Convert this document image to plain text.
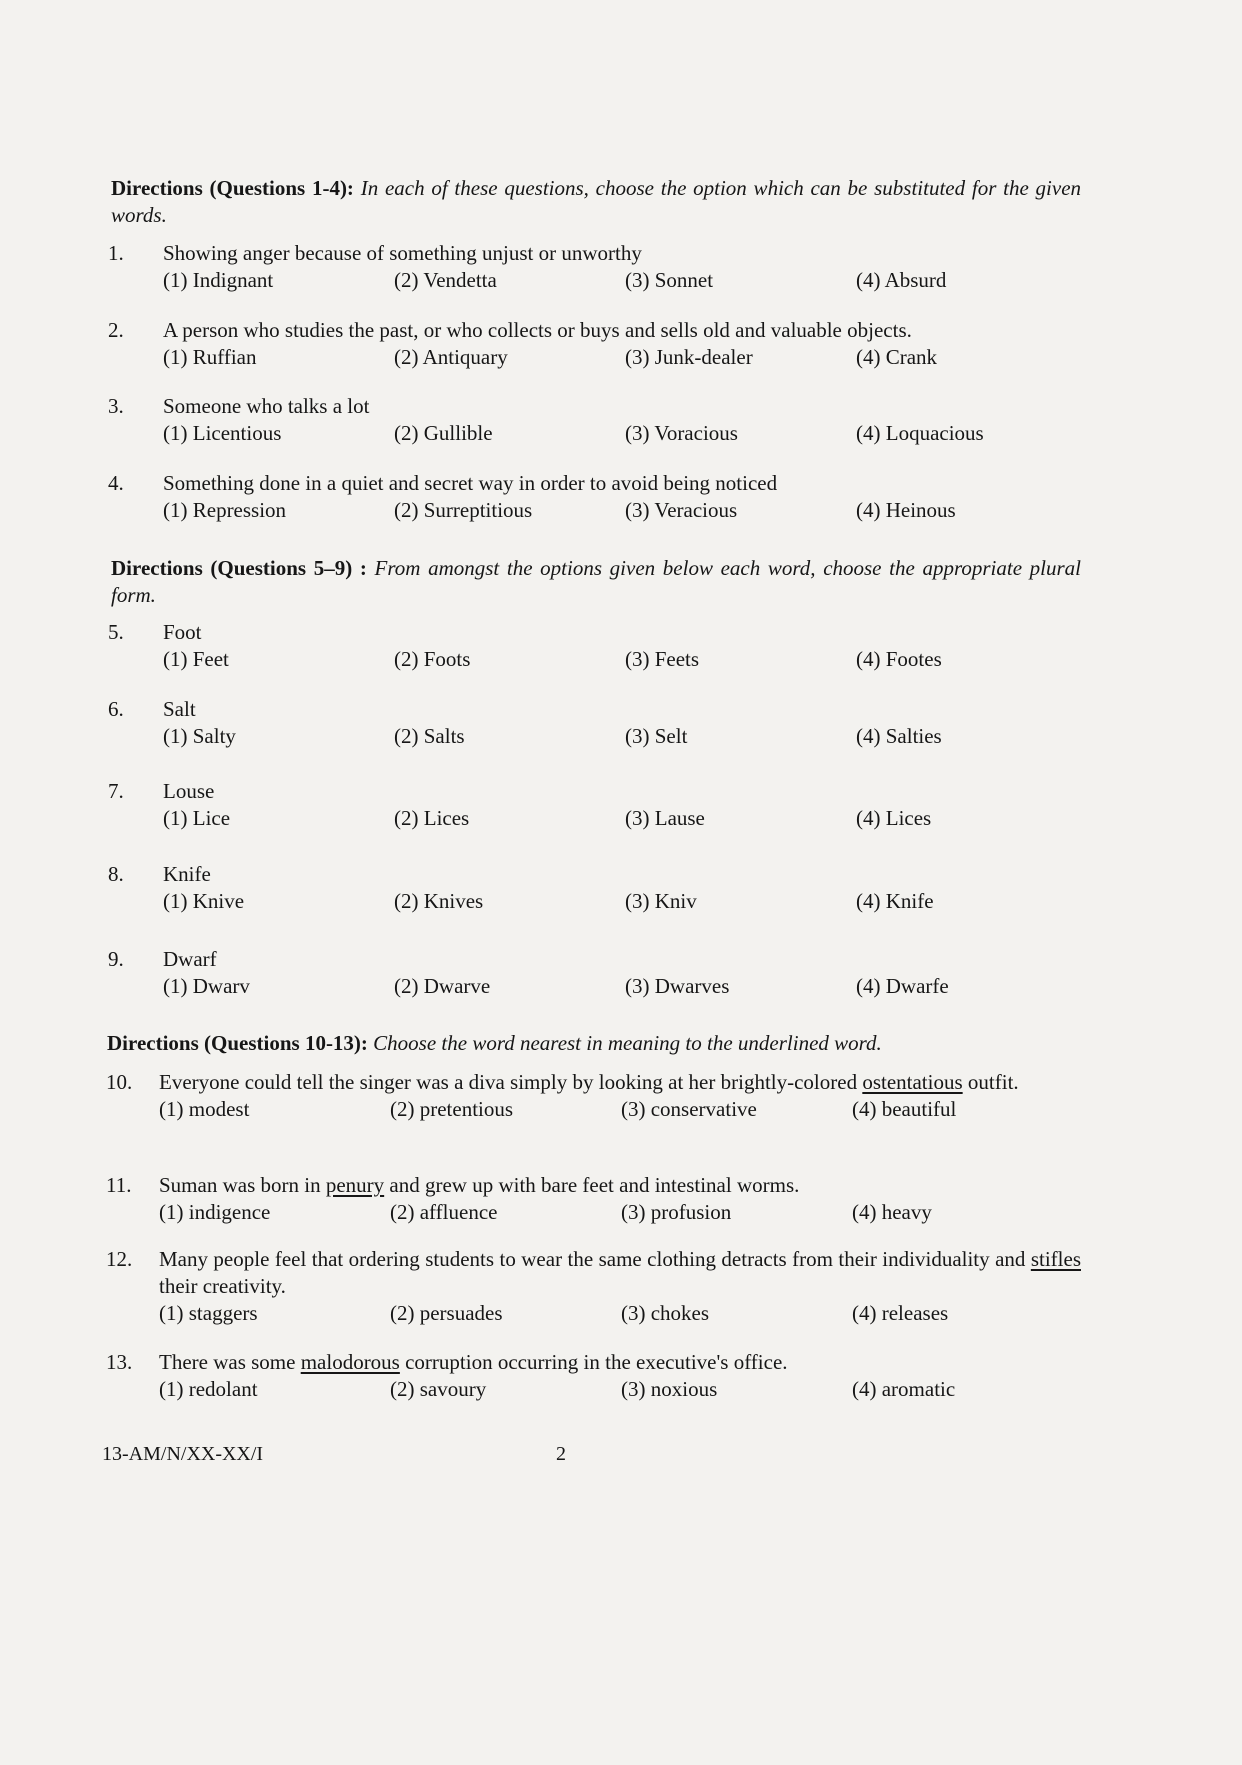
Directions (Questions 1-4): In each of these questions, choose the option which can be substituted for the given words.
1. Showing anger because of something unjust or unworthy
(1) Indignant	(2) Vendetta	(3) Sonnet	(4) Absurd
2. A person who studies the past, or who collects or buys and sells old and valuable objects.
(1) Ruffian	(2) Antiquary	(3) Junk-dealer	(4) Crank
3. Someone who talks a lot
(1) Licentious	(2) Gullible	(3) Voracious	(4) Loquacious
4. Something done in a quiet and secret way in order to avoid being noticed
(1) Repression	(2) Surreptitious	(3) Veracious	(4) Heinous
Directions (Questions 5–9) : From amongst the options given below each word, choose the appropriate plural form.
5. Foot
(1) Feet	(2) Foots	(3) Feets	(4) Footes
6. Salt
(1) Salty	(2) Salts	(3) Selt	(4) Salties
7. Louse
(1) Lice	(2) Lices	(3) Lause	(4) Lices
8. Knife
(1) Knive	(2) Knives	(3) Kniv	(4) Knife
9. Dwarf
(1) Dwarv	(2) Dwarve	(3) Dwarves	(4) Dwarfe
Directions (Questions 10-13): Choose the word nearest in meaning to the underlined word.
10. Everyone could tell the singer was a diva simply by looking at her brightly-colored ostentatious outfit.
(1) modest	(2) pretentious	(3) conservative	(4) beautiful
11. Suman was born in penury and grew up with bare feet and intestinal worms.
(1) indigence	(2) affluence	(3) profusion	(4) heavy
12. Many people feel that ordering students to wear the same clothing detracts from their individuality and stifles their creativity.
(1) staggers	(2) persuades	(3) chokes	(4) releases
13. There was some malodorous corruption occurring in the executive's office.
(1) redolant	(2) savoury	(3) noxious	(4) aromatic
13-AM/N/XX-XX/I	2
